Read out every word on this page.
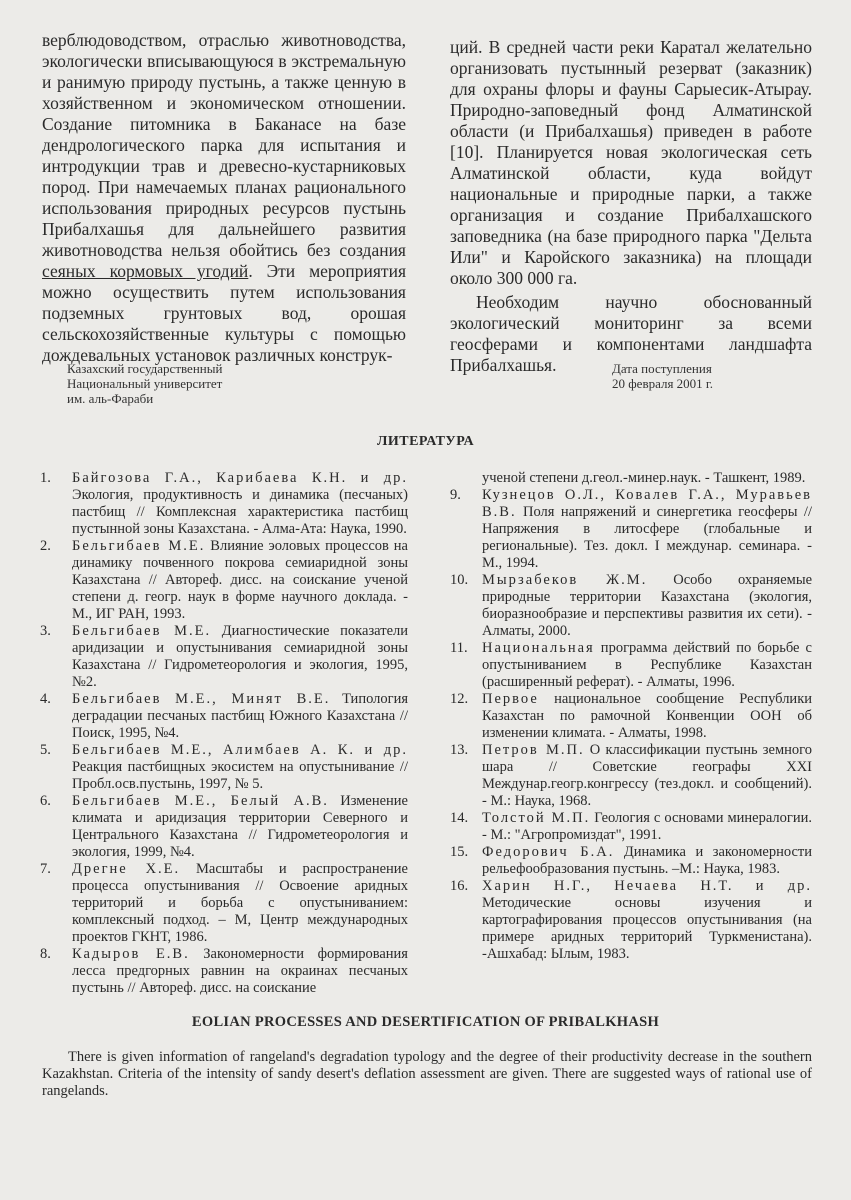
верблюдоводством, отраслью животноводства, экологически вписывающуюся в экстремальную и ранимую природу пустынь, а также ценную в хозяйственном и экономическом отношении. Создание питомника в Баканасе на базе дендрологического парка для испытания и интродукции трав и древесно-кустарниковых пород. При намечаемых планах рационального использования природных ресурсов пустынь Прибалхашья для дальнейшего развития животноводства нельзя обойтись без создания сеяных кормовых угодий. Эти мероприятия можно осуществить путем использования подземных грунтовых вод, орошая сельскохозяйственные культуры с помощью дождевальных установок различных конструк-

ций. В средней части реки Каратал желательно организовать пустынный резерват (заказник) для охраны флоры и фауны Сарыесик-Атырау. Природно-заповедный фонд Алматинской области (и Прибалхашья) приведен в работе [10]. Планируется новая экологическая сеть Алматинской области, куда войдут национальные и природные парки, а также организация и создание Прибалхашского заповедника (на базе природного парка "Дельта Или" и Каройского заказника) на площади около 300 000 га.

Необходим научно обоснованный экологический мониторинг за всеми геосферами и компонентами ландшафта Прибалхашья.

Казахский государственный
Национальный университет
им. аль-Фараби
Дата поступления
20 февраля 2001 г.
ЛИТЕРАТУРА
1.	Байгозова Г.А., Карибаева К.Н. и др. Экология, продуктивность и динамика (песчаных) пастбищ // Комплексная характеристика пастбищ пустынной зоны Казахстана. - Алма-Ата: Наука, 1990.
2.	Бельгибаев М.Е. Влияние эоловых процессов на динамику почвенного покрова семиаридной зоны Казахстана // Автореф. дисс. на соискание ученой степени д. геогр. наук в форме научного доклада. - М., ИГ РАН, 1993.
3.	Бельгибаев М.Е. Диагностические показатели аридизации и опустынивания семиаридной зоны Казахстана // Гидрометеорология и экология, 1995, №2.
4.	Бельгибаев М.Е., Минят В.Е. Типология деградации песчаных пастбищ Южного Казахстана // Поиск, 1995, №4.
5.	Бельгибаев М.Е., Алимбаев А. К. и др. Реакция пастбищных экосистем на опустынивание // Пробл.осв.пустынь, 1997, № 5.
6.	Бельгибаев М.Е., Белый А.В. Изменение климата и аридизация территории Северного и Центрального Казахстана // Гидрометеорология и экология, 1999, №4.
7.	Дрегне Х.Е. Масштабы и распространение процесса опустынивания // Освоение аридных территорий и борьба с опустыниванием: комплексный подход. – М, Центр международных проектов ГКНТ, 1986.
8.	Кадыров Е.В. Закономерности формирования лесса предгорных равнин на окраинах песчаных пустынь // Автореф. дисс. на соискание
ученой степени д.геол.-минер.наук. - Ташкент, 1989.
9.	Кузнецов О.Л., Ковалев Г.А., Муравьев В.В. Поля напряжений и синергетика геосферы // Напряжения в литосфере (глобальные и региональные). Тез. докл. I междунар. семинара. - М., 1994.
10. Мырзабеков Ж.М. Особо охраняемые природные территории Казахстана (экология, биоразнообразие и перспективы развития их сети). - Алматы, 2000.
11. Национальная программа действий по борьбе с опустыниванием в Республике Казахстан (расширенный реферат). - Алматы, 1996.
12. Первое национальное сообщение Республики Казахстан по рамочной Конвенции ООН об изменении климата. - Алматы, 1998.
13. Петров М.П. О классификации пустынь земного шара // Советские географы XXI Междунар.геогр.конгрессу (тез.докл. и сообщений). - М.: Наука, 1968.
14. Толстой М.П. Геология с основами минералогии. - М.: "Агропромиздат", 1991.
15. Федорович Б.А. Динамика и закономерности рельефообразования пустынь. –М.: Наука, 1983.
16. Харин Н.Г., Нечаева Н.Т. и др. Методические основы изучения и картографирования процессов опустынивания (на примере аридных территорий Туркменистана). -Ашхабад: Ылым, 1983.
EOLIAN PROCESSES AND DESERTIFICATION OF PRIBALKHASH

There is given information of rangeland's degradation typology and the degree of their productivity decrease in the southern Kazakhstan. Criteria of the intensity of sandy desert's deflation assessment are given. There are suggested ways of rational use of rangelands.
